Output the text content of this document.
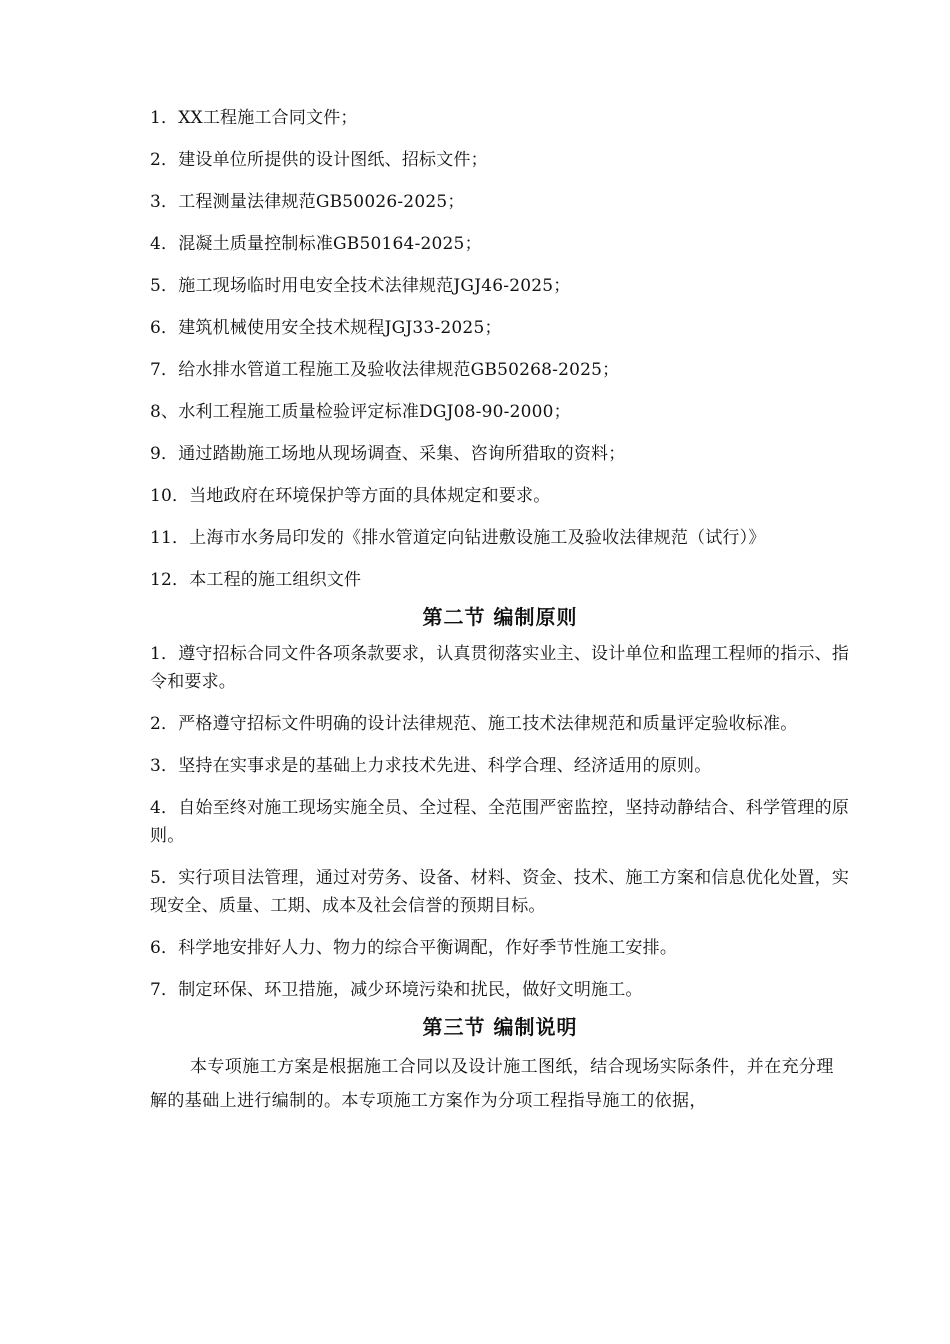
1．XX工程施工合同文件；

2．建设单位所提供的设计图纸、招标文件；

3．工程测量法律规范GB50026-2025；

4．混凝土质量控制标准GB50164-2025；

5．施工现场临时用电安全技术法律规范JGJ46-2025；

6．建筑机械使用安全技术规程JGJ33-2025；

7．给水排水管道工程施工及验收法律规范GB50268-2025；

8、水利工程施工质量检验评定标准DGJ08-90-2000；

9．通过踏勘施工场地从现场调查、采集、咨询所猎取的资料；

10．当地政府在环境保护等方面的具体规定和要求。

11．上海市水务局印发的《排水管道定向钻进敷设施工及验收法律规范（试行）》

12．本工程的施工组织文件

第二节 编制原则

1．遵守招标合同文件各项条款要求，认真贯彻落实业主、设计单位和监理工程师的指示、指令和要求。

2．严格遵守招标文件明确的设计法律规范、施工技术法律规范和质量评定验收标准。

3．坚持在实事求是的基础上力求技术先进、科学合理、经济适用的原则。

4．自始至终对施工现场实施全员、全过程、全范围严密监控，坚持动静结合、科学管理的原则。

5．实行项目法管理，通过对劳务、设备、材料、资金、技术、施工方案和信息优化处置，实现安全、质量、工期、成本及社会信誉的预期目标。

6．科学地安排好人力、物力的综合平衡调配，作好季节性施工安排。

7．制定环保、环卫措施，减少环境污染和扰民，做好文明施工。

第三节 编制说明

本专项施工方案是根据施工合同以及设计施工图纸，结合现场实际条件，并在充分理解的基础上进行编制的。本专项施工方案作为分项工程指导施工的依据，
